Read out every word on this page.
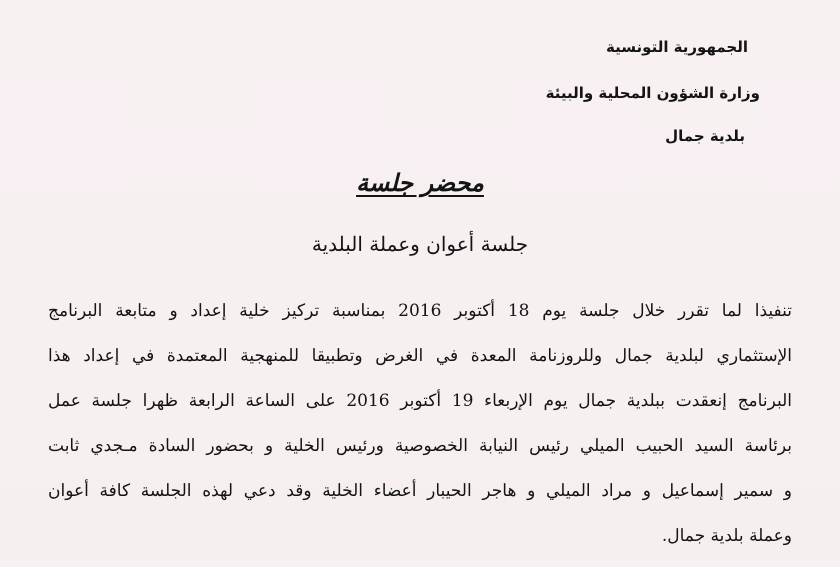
الجمهورية التونسية
وزارة الشؤون المحلية والبيئة
بلدية جمال
محضر جلسة
جلسة أعوان وعملة البلدية
تنفيذا لما تقرر خلال جلسة يوم 18 أكتوبر 2016 بمناسبة تركيز خلية إعداد و متابعة البرنامج
الإستثماري لبلدية جمال وللروزنامة المعدة في الغرض وتطبيقا للمنهجية المعتمدة في إعداد هذا
البرنامج إنعقدت ببلدية جمال يوم الإربعاء 19 أكتوبر 2016 على الساعة الرابعة ظهرا جلسة عمل
برئاسة السيد الحبيب الميلي رئيس النيابة الخصوصية ورئيس الخلية و بحضور السادة مـجدي ثابت
و سمير إسماعيل و مراد الميلي و هاجر الحيبار أعضاء الخلية وقد دعي لهذه الجلسة كافة أعوان
وعملة بلدية جمال.
